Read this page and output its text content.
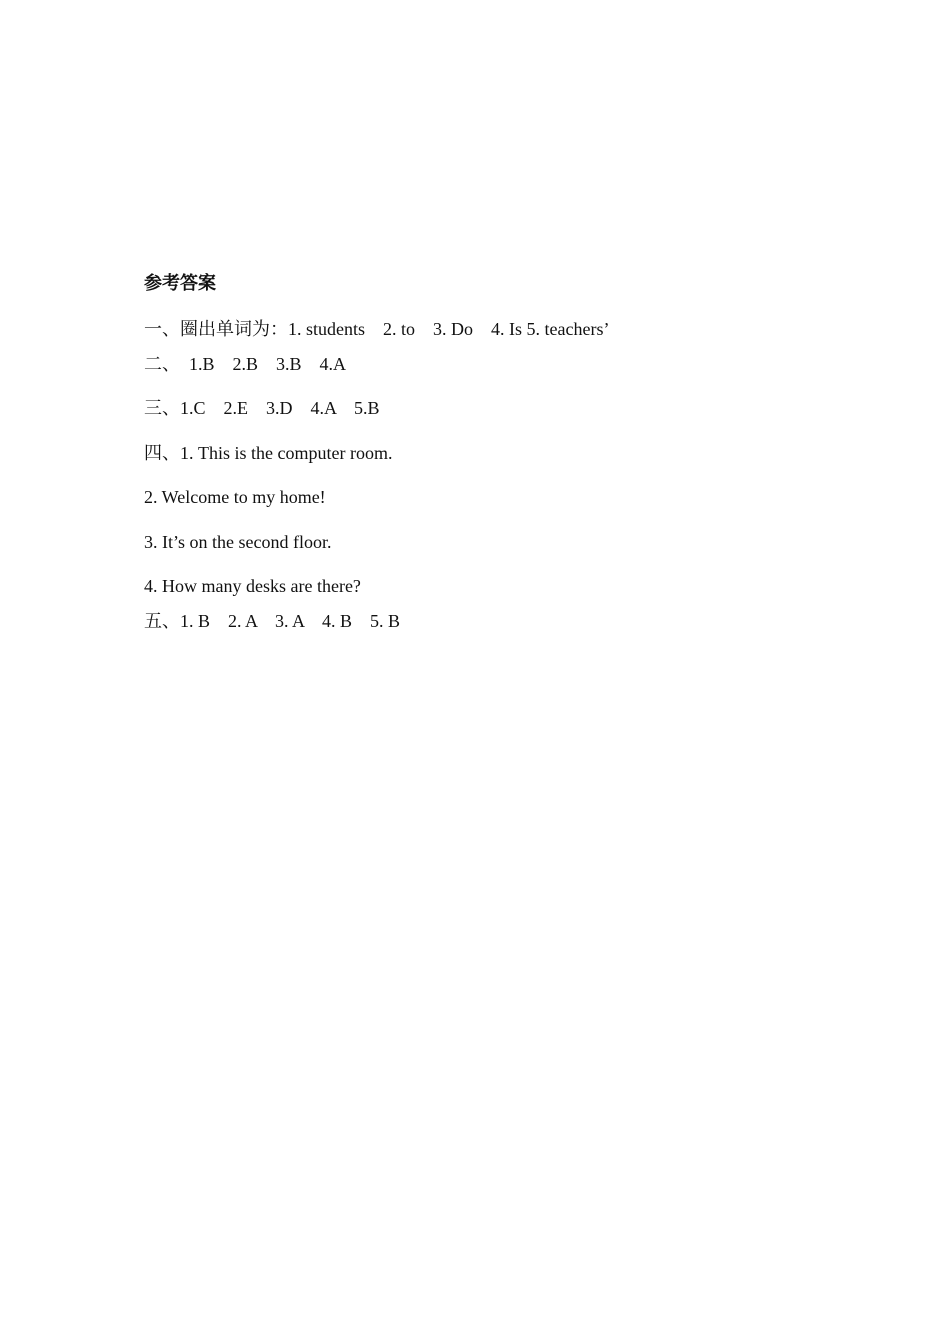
参考答案
一、圈出单词为：1. students    2. to    3. Do    4. Is 5. teachers’
二、  1.B    2.B    3.B    4.A
三、1.C    2.E    3.D    4.A    5.B
四、1. This is the computer room.
2. Welcome to my home!
3. It’s on the second floor.
4. How many desks are there?
五、1. B    2. A    3. A    4. B    5. B
